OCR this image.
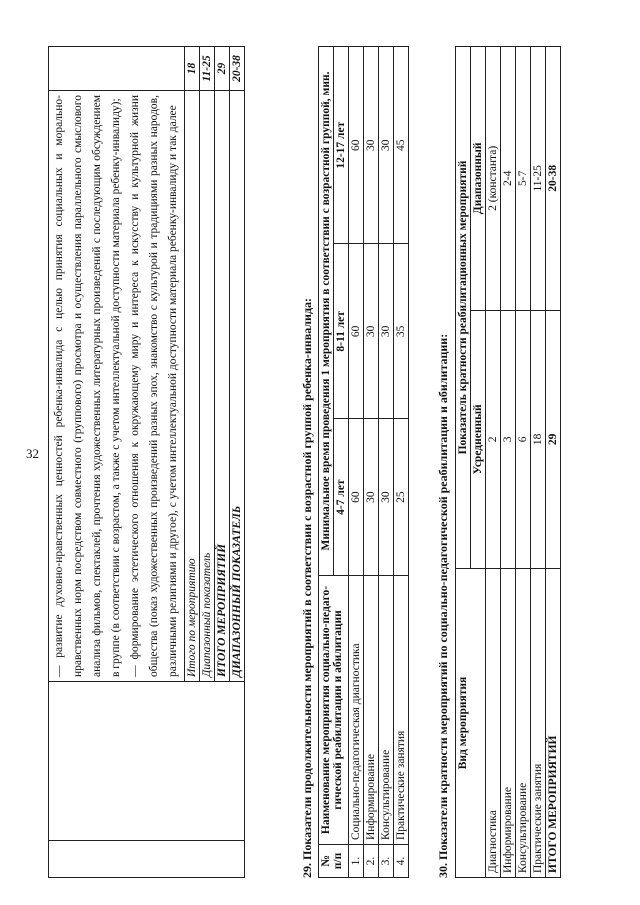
32

		— развитие духовно-нравственных ценностей ребенка-инвалида с целью принятия социальных и морально-нравственных норм посредством совместного (группового) просмотра и осуществления параллельного смыслового анализа фильмов, спектаклей, прочтения художественных литературных произведений с последующим обсуждением в группе (в соответствии с возрастом, а также с учетом интеллектуальной доступности материала ребенку-инвалиду); — формирование эстетического отношения к окружающему миру и интереса к искусству и культурной жизни общества (показ художественных произведений разных эпох, знакомство с культурой и традициями разных народов, различными религиями и другое), с учетом интеллектуальной доступности материала ребенку-инвалиду и так далее	

		Итого по мероприятию	18
		Диапазонный показатель	11-25
		ИТОГО МЕРОПРИЯТИЙ	29
		ДИАПАЗОННЫЙ ПОКАЗАТЕЛЬ	20-38
29. Показатели продолжительности мероприятий в соответствии с возрастной группой ребенка-инвалида: № п/п	Наименование мероприятия социально-педаго-гической реабилитации и абилитации	Минимальное время проведения 1 мероприятия в соответствии с возрастной группой, мин.		
		4-7 лет	8-11 лет	12-17 лет
1.	Социально-педагогическая диагностика	60	60	60
2.	Информирование	30	30	30
3.	Консультирование	30	30	30
4.	Практические занятия	25	35	45
30. Показатели кратности мероприятий по социально-педагогической реабилитации и абилитации: Вид мероприятия	Показатель кратности реабилитационных мероприятий	
	Усредненный	Диапазонный
Диагностика	2	2 (константа)
Информирование	3	2-4
Консультирование	6	5-7
Практические занятия	18	11-25
ИТОГО МЕРОПРИЯТИЙ	29	20-38
